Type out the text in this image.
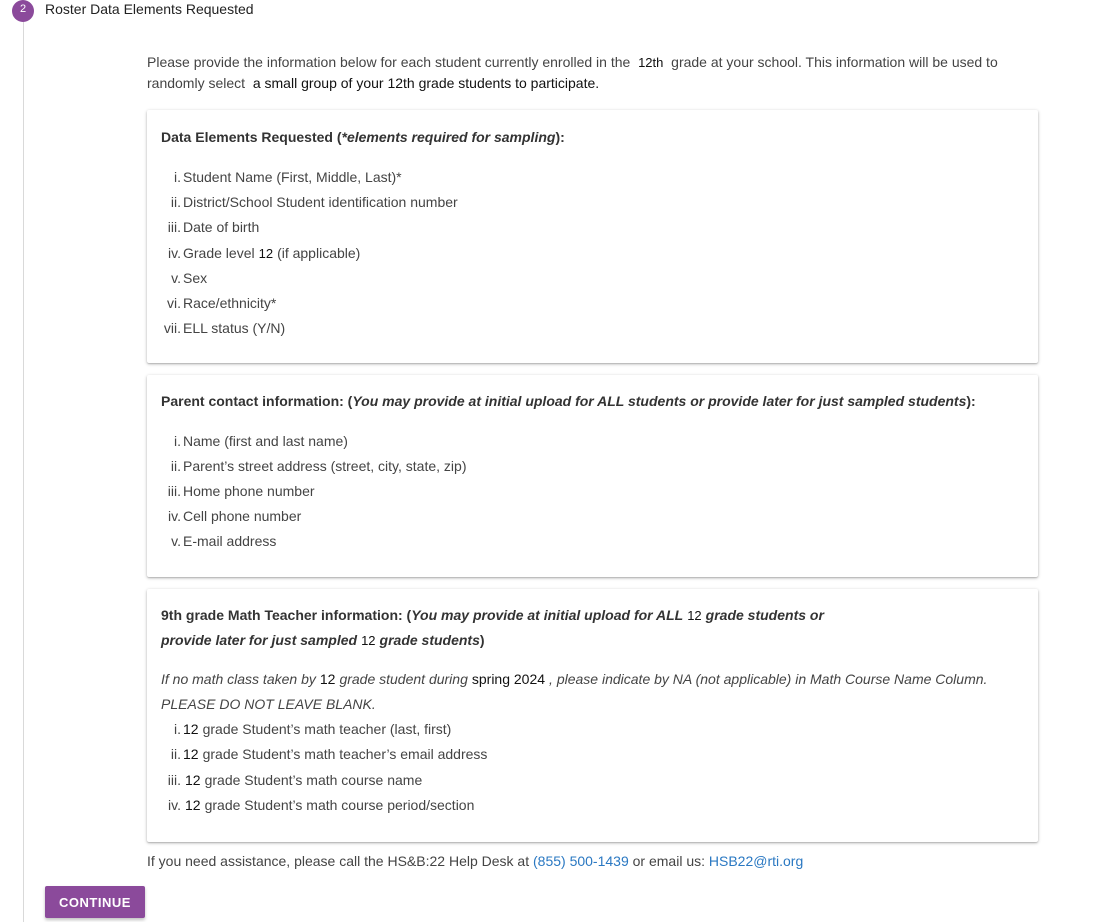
2	Roster Data Elements Requested
Please provide the information below for each student currently enrolled in the 12th grade at your school. This information will be used to randomly select a small group of your 12th grade students to participate.
Data Elements Requested (*elements required for sampling):
i. Student Name (First, Middle, Last)*
ii. District/School Student identification number
iii. Date of birth
iv. Grade level 12 (if applicable)
v. Sex
vi. Race/ethnicity*
vii. ELL status (Y/N)
Parent contact information: (You may provide at initial upload for ALL students or provide later for just sampled students):
i. Name (first and last name)
ii. Parent’s street address (street, city, state, zip)
iii. Home phone number
iv. Cell phone number
v. E-mail address
9th grade Math Teacher information: (You may provide at initial upload for ALL 12 grade students or
provide later for just sampled 12 grade students)
If no math class taken by 12 grade student during spring 2024 , please indicate by NA (not applicable) in Math Course Name Column. PLEASE DO NOT LEAVE BLANK.
i. 12 grade Student’s math teacher (last, first)
ii. 12 grade Student’s math teacher’s email address
iii. 12 grade Student’s math course name
iv. 12 grade Student’s math course period/section
If you need assistance, please call the HS&B:22 Help Desk at (855) 500-1439 or email us: HSB22@rti.org
CONTINUE
